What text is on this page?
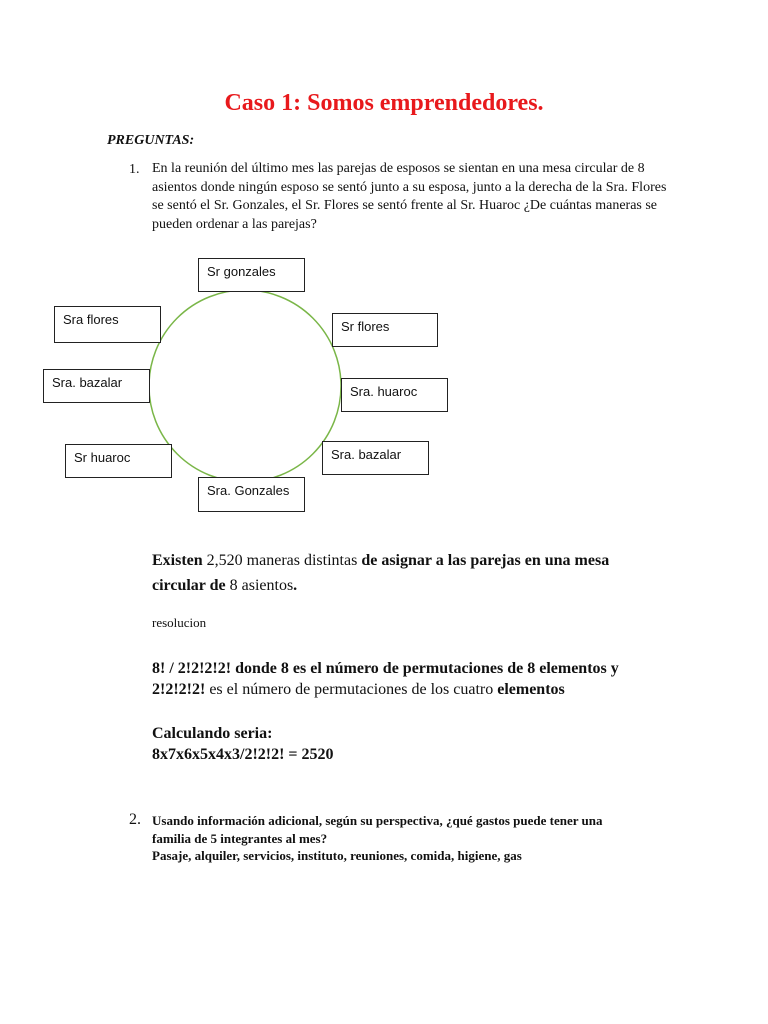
Caso 1: Somos emprendedores.
PREGUNTAS:
1. En la reunión del último mes las parejas de esposos se sientan en una mesa circular de 8
asientos donde ningún esposo se sentó junto a su esposa, junto a la derecha de la Sra. Flores
se sentó el Sr. Gonzales, el Sr. Flores se sentó frente al Sr. Huaroc ¿De cuántas maneras se
pueden ordenar a las parejas?
Sr gonzales
Sra flores	Sr flores
Sra. bazalar
Sra. huaroc
Sr huaroc	Sra. bazalar
Sra. Gonzales
Existen 2,520 maneras distintas de asignar a las parejas en una mesa
circular de 8 asientos.
resolucion
8! / 2!2!2!2! donde 8 es el número de permutaciones de 8 elementos y
2!2!2!2! es el número de permutaciones de los cuatro elementos
Calculando seria:
8x7x6x5x4x3/2!2!2! = 2520
2. Usando información adicional, según su perspectiva, ¿qué gastos puede tener una
familia de 5 integrantes al mes?
Pasaje, alquiler, servicios, instituto, reuniones, comida, higiene, gas
